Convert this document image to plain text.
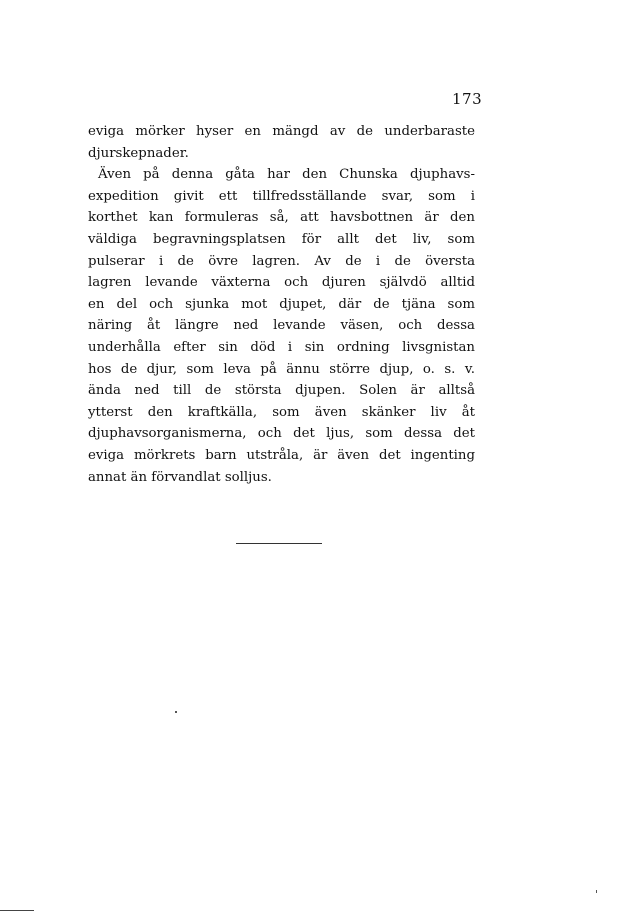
173

eviga mörker hyser en mängd av de underbaraste
djurskepnader.

Även på denna gåta har den Chunska djuphavs-
expedition givit ett tillfredsställande svar, som i
korthet kan formuleras så, att havsbottnen är den
väldiga begravningsplatsen för allt det liv, som
pulserar i de övre lagren. Av de i de översta
lagren levande växterna och djuren självdö alltid
en del och sjunka mot djupet, där de tjäna som
näring åt längre ned levande väsen, och dessa
underhålla efter sin död i sin ordning livsgnistan
hos de djur, som leva på ännu större djup, o. s. v.
ända ned till de största djupen. Solen är alltså
ytterst den kraftkälla, som även skänker liv åt
djuphavsorganismerna, och det ljus, som dessa det
eviga mörkrets barn utstråla, är även det ingenting
annat än förvandlat solljus.
